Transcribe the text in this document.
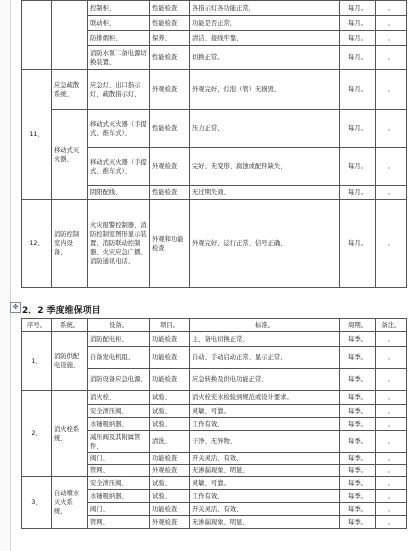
		控制柜、	性能检查	各指示灯各功能正常，	每月。	。
		联动柜、	性能检查	功能是否正常，	每月。	。
		防排烟柜、	保养、	清洁、接线牢靠、	每月。	。
		消防水泵二备电源切换装置、	性能检查	切换正常。	每月。	。
11、	应急疏散系统、	应急灯、出口指示灯、疏散指示灯、	外观检查	外观完好，灯泡（管）无损毁、	每月。	。
	移动式灭火器、	移动式灭火器（手提式、推车式）、	性能检查	压力正常、	每月。	。
		移动式灭火器（手提式、推车式）、	外观检查	完好、无变形、腐蚀或配件缺失、	每月。	。
		阴阳配线、	性能检查	无过期失效、	每月。	。
12、	消防控制室内设备、	火灾报警控制器、消防控制室图形显示装置、消防联动控制器、火灾应急广播、消防通讯电话、	外观和功能检查	外观完好、运行正常、信号正确、	每月。	。
✥ 2．2 季度维保项目
序号。	系统。	设备。	项目。	标准。	周期。	备注。
1、	消防供配电设施、	消防配电柜、	功能检查	主、备电切换正常、	每季。	。
		自备发电机组、	功能检查	自动、手动启动正常、显示正常、	每季。	。
		消防设备应急电源、	功能检查	应急转换及供电功能正常、	每季。	。
2、	消火栓系统、	消火栓、	试验、	消火栓充水检验到规范或设计要求。	每季。	。
		安全泄压阀、	试验、	灵敏、可靠。	每季。	。
		水锤吸纳器、	试验、	工作有效、	每季。	。
		减压阀及其附属管件、	清洗、	干净、无异物、	每季。	。
		阀门、	功能检查	开关灵活、有效、	每季。	。
		管网、	外观检查	无渗漏现象、明显、	每季。	。
3、	自动喷水灭火系统、	安全泄压阀、	试验、	灵敏、可靠。	每季。	。
		水锤吸纳器、	试验、	工作有效、	每季。	。
		阀门、	功能检查	开关灵活、有效、	每季。	。
		管网、	外观检查	无渗漏现象、明显、	每季。	。
